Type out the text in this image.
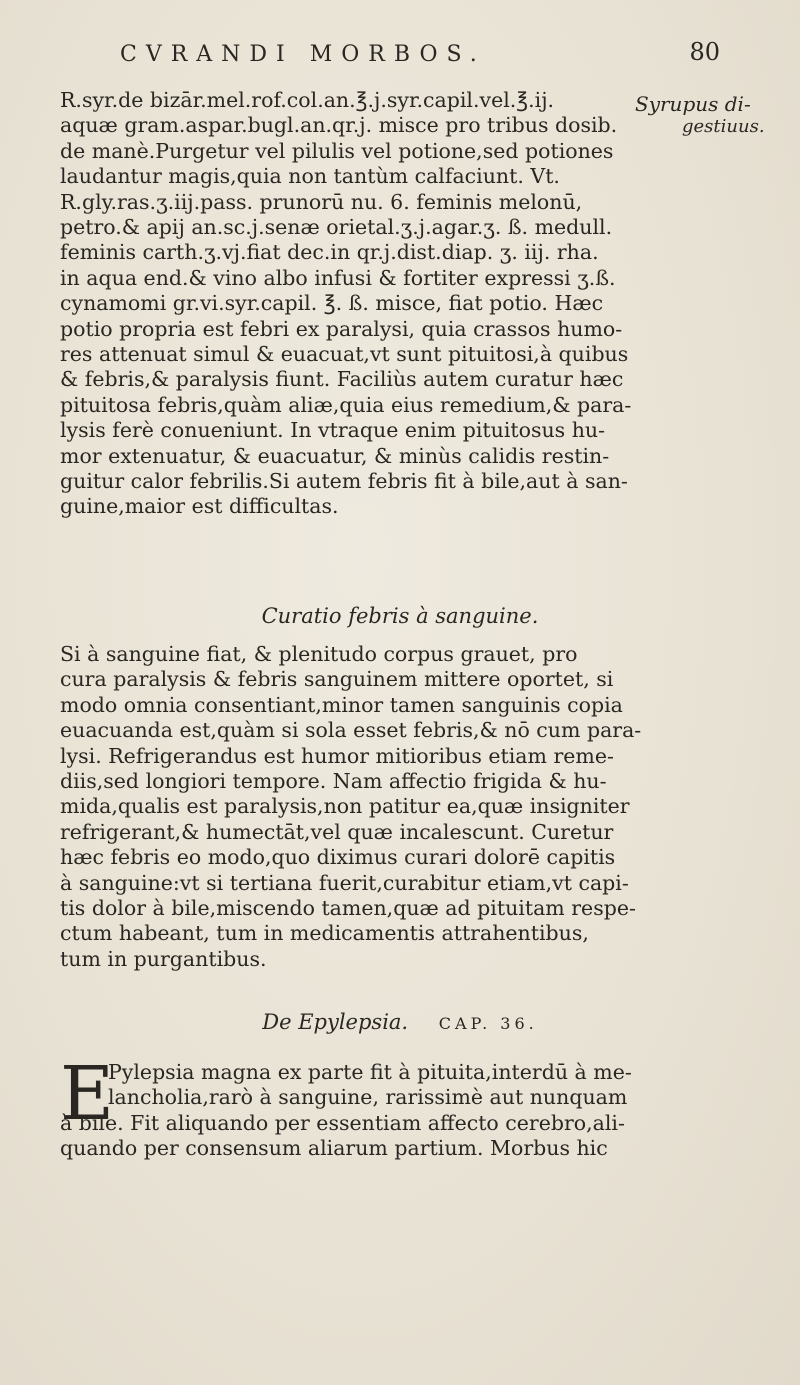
CVRANDI MORBOS.	80
Syrupus di-
gestiuus.
R.syr.de bizār.mel.rof.col.an.℥.j.syr.capil.vel.℥.ij.
aquæ gram.aspar.bugl.an.qr.j. misce pro tribus dosib.
de manè.Purgetur vel pilulis vel potione,sed potiones
laudantur magis,quia non tantùm calfaciunt. Vt.
R.gly.ras.ʒ.iij.pass. prunorū nu. 6. feminis melonū,
petro.& apij an.sc.j.senæ orietal.ʒ.j.agar.ʒ. ß. medull.
feminis carth.ʒ.vj.fiat dec.in qr.j.dist.diap. ʒ. iij. rha.
in aqua end.& vino albo infusi & fortiter expressi ʒ.ß.
cynamomi gr.vi.syr.capil. ℥. ß. misce, fiat potio. Hæc
potio propria est febri ex paralysi, quia crassos humo-
res attenuat simul & euacuat,vt sunt pituitosi,à quibus
& febris,& paralysis fiunt. Faciliùs autem curatur hæc
pituitosa febris,quàm aliæ,quia eius remedium,& para-
lysis ferè conueniunt. In vtraque enim pituitosus hu-
mor extenuatur, & euacuatur, & minùs calidis restin-
guitur calor febrilis.Si autem febris fit à bile,aut à san-
guine,maior est difficultas.
Curatio febris à sanguine.
Si à sanguine fiat, & plenitudo corpus grauet, pro
cura paralysis & febris sanguinem mittere oportet, si
modo omnia consentiant,minor tamen sanguinis copia
euacuanda est,quàm si sola esset febris,& nō cum para-
lysi. Refrigerandus est humor mitioribus etiam reme-
diis,sed longiori tempore. Nam affectio frigida & hu-
mida,qualis est paralysis,non patitur ea,quæ insigniter
refrigerant,& humectāt,vel quæ incalescunt. Curetur
hæc febris eo modo,quo diximus curari dolorē capitis
à sanguine:vt si tertiana fuerit,curabitur etiam,vt capi-
tis dolor à bile,miscendo tamen,quæ ad pituitam respe-
ctum habeant, tum in medicamentis attrahentibus,
tum in purgantibus.
De Epylepsia. CAP. 36.
E
Pylepsia magna ex parte fit à pituita,interdū à me-
lancholia,rarò à sanguine, rarissimè aut nunquam
à bile. Fit aliquando per essentiam affecto cerebro,ali-
quando per consensum aliarum partium. Morbus hic
